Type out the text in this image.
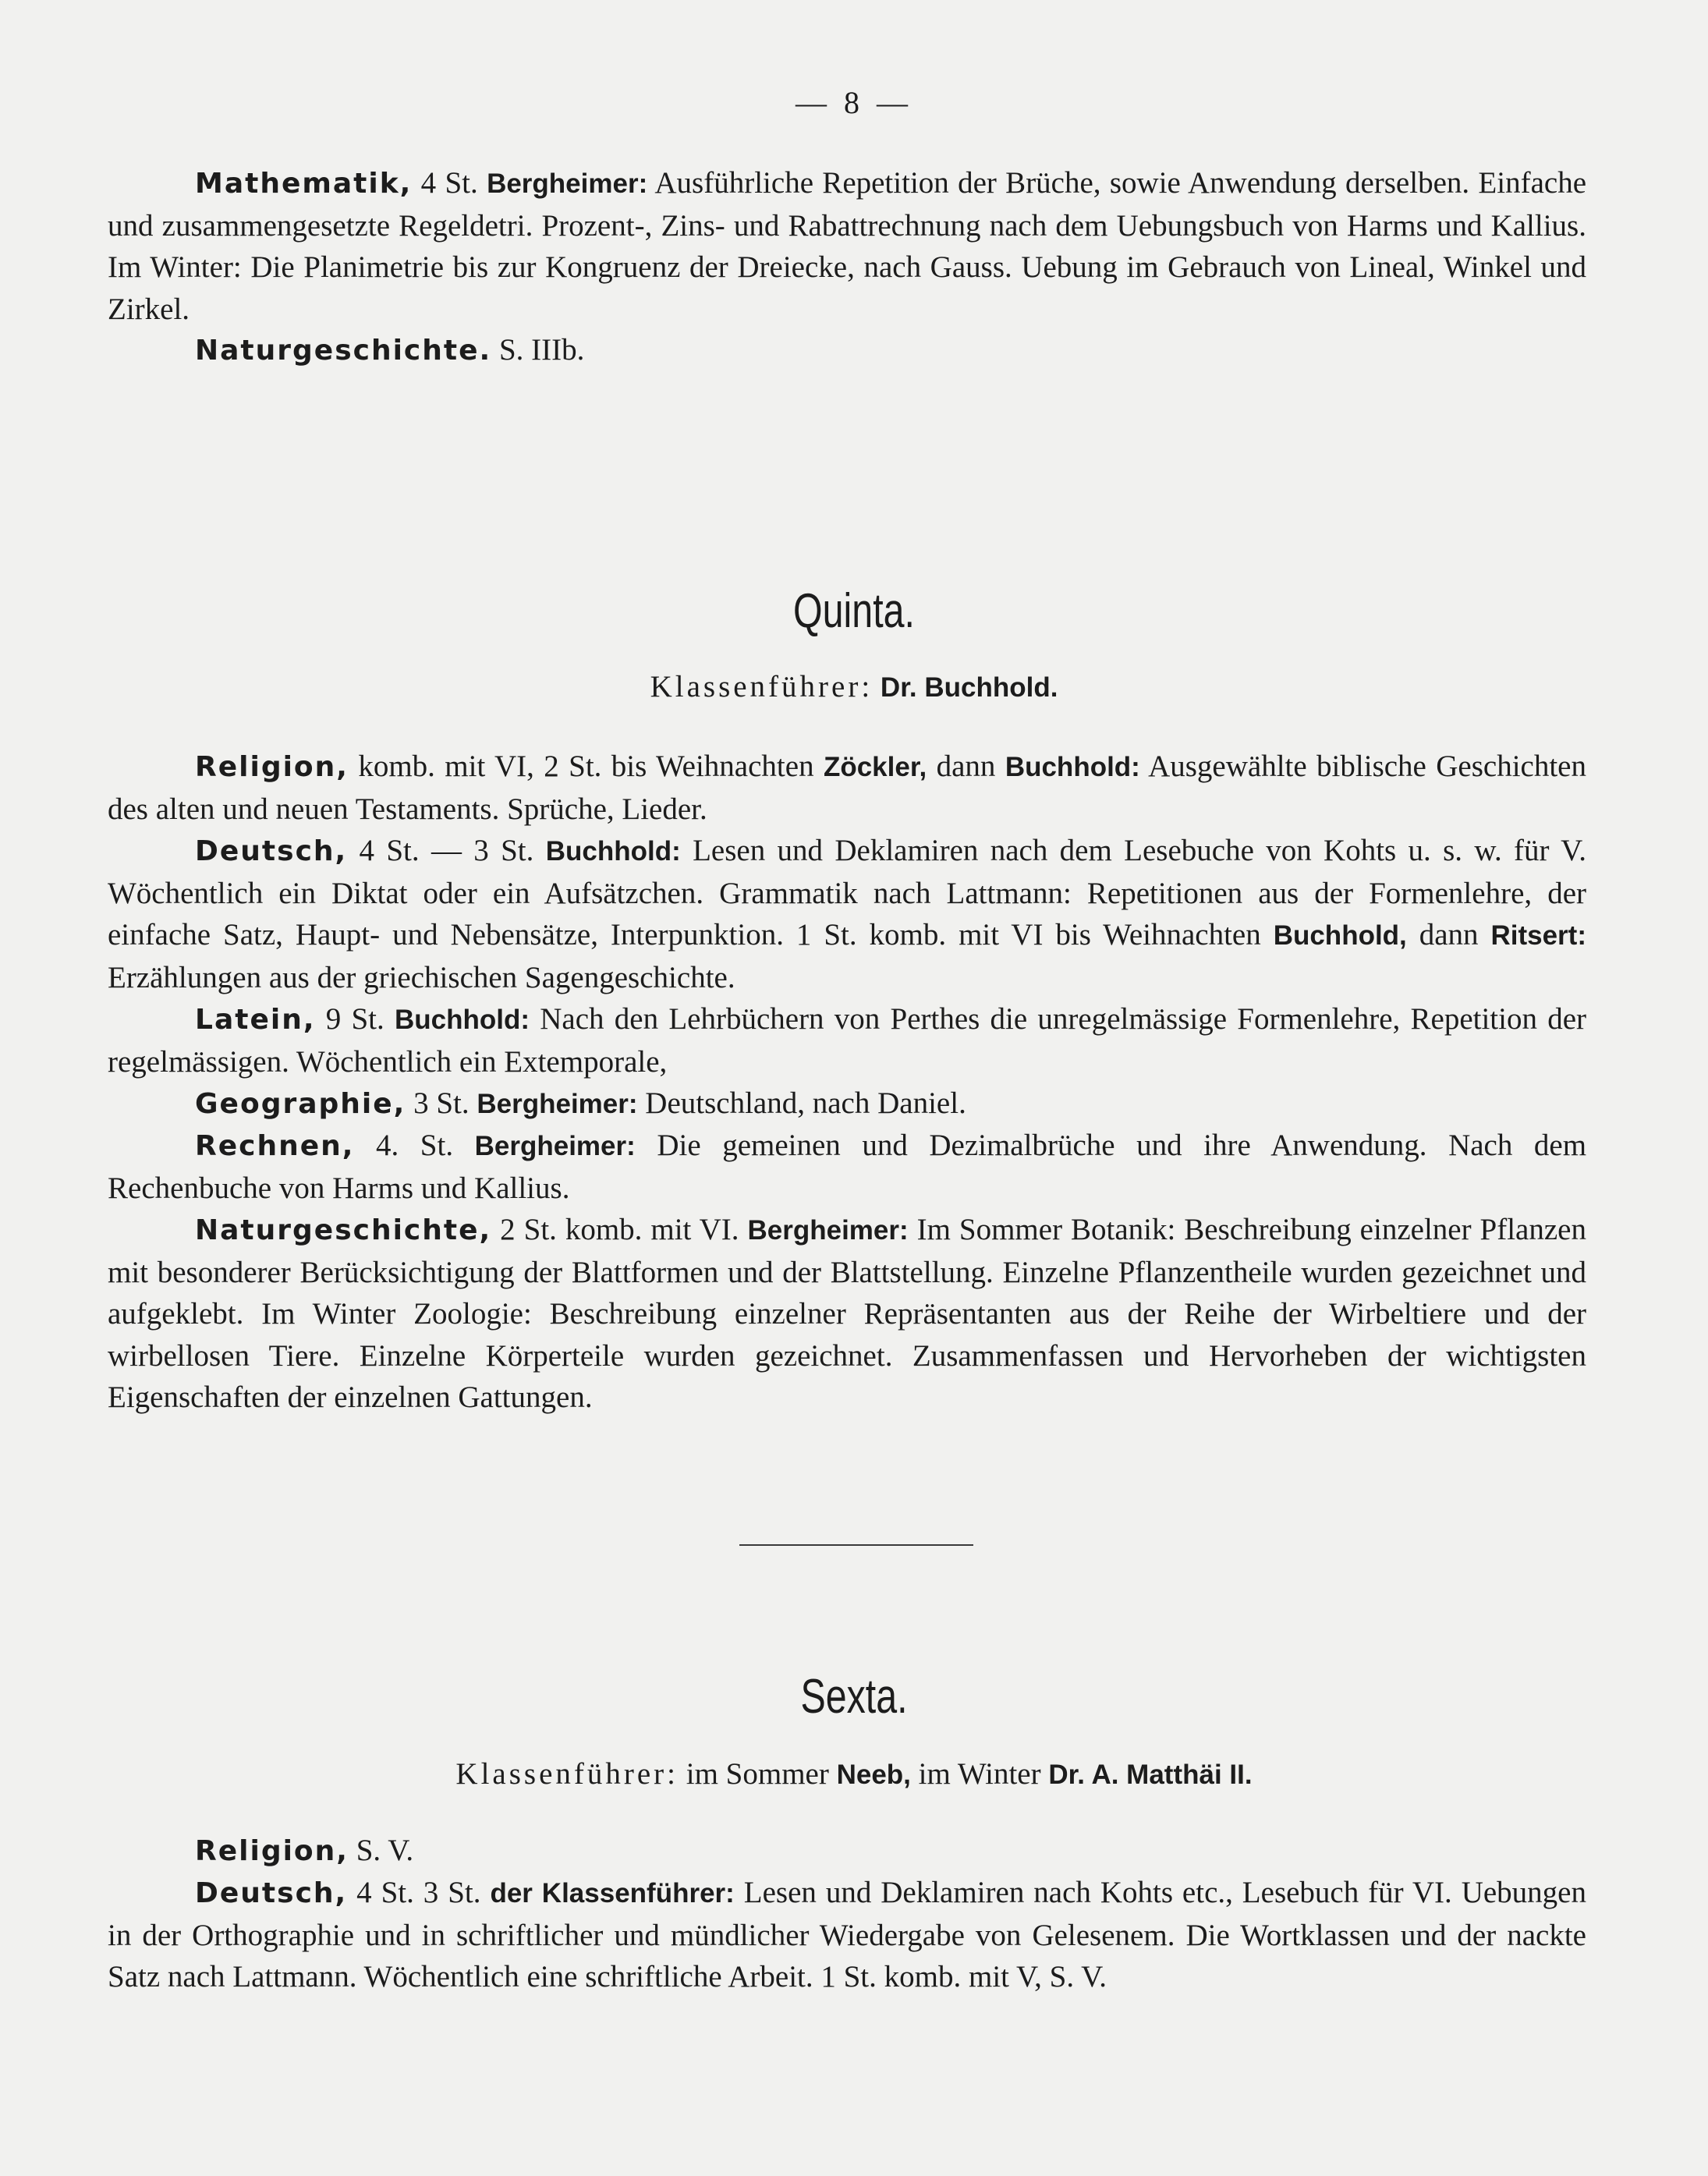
— 8 —

Mathematik, 4 St. Bergheimer: Ausführliche Repetition der Brüche, sowie Anwendung derselben. Einfache und zusammengesetzte Regeldetri. Prozent-, Zins- und Rabattrechnung nach dem Uebungsbuch von Harms und Kallius. Im Winter: Die Planimetrie bis zur Kongruenz der Dreiecke, nach Gauss. Uebung im Gebrauch von Lineal, Winkel und Zirkel.

Naturgeschichte. S. IIIb.

Quinta.
Klassenführer: Dr. Buchhold.

Religion, komb. mit VI, 2 St. bis Weihnachten Zöckler, dann Buchhold: Ausgewählte biblische Geschichten des alten und neuen Testaments. Sprüche, Lieder.

Deutsch, 4 St. — 3 St. Buchhold: Lesen und Deklamiren nach dem Lesebuche von Kohts u. s. w. für V. Wöchentlich ein Diktat oder ein Aufsätzchen. Grammatik nach Lattmann: Repetitionen aus der Formenlehre, der einfache Satz, Haupt- und Nebensätze, Interpunktion. 1 St. komb. mit VI bis Weihnachten Buchhold, dann Ritsert: Erzählungen aus der griechischen Sagengeschichte.

Latein, 9 St. Buchhold: Nach den Lehrbüchern von Perthes die unregelmässige Formenlehre, Repetition der regelmässigen. Wöchentlich ein Extemporale,

Geographie, 3 St. Bergheimer: Deutschland, nach Daniel.

Rechnen, 4. St. Bergheimer: Die gemeinen und Dezimalbrüche und ihre Anwendung. Nach dem Rechenbuche von Harms und Kallius.

Naturgeschichte, 2 St. komb. mit VI. Bergheimer: Im Sommer Botanik: Beschreibung einzelner Pflanzen mit besonderer Berücksichtigung der Blattformen und der Blattstellung. Einzelne Pflanzentheile wurden gezeichnet und aufgeklebt. Im Winter Zoologie: Beschreibung einzelner Repräsentanten aus der Reihe der Wirbeltiere und der wirbellosen Tiere. Einzelne Körperteile wurden gezeichnet. Zusammenfassen und Hervorheben der wichtigsten Eigenschaften der einzelnen Gattungen.

Sexta.
Klassenführer: im Sommer Neeb, im Winter Dr. A. Matthäi II.

Religion, S. V.

Deutsch, 4 St. 3 St. der Klassenführer: Lesen und Deklamiren nach Kohts etc., Lesebuch für VI. Uebungen in der Orthographie und in schriftlicher und mündlicher Wiedergabe von Gelesenem. Die Wortklassen und der nackte Satz nach Lattmann. Wöchentlich eine schriftliche Arbeit. 1 St. komb. mit V, S. V.
